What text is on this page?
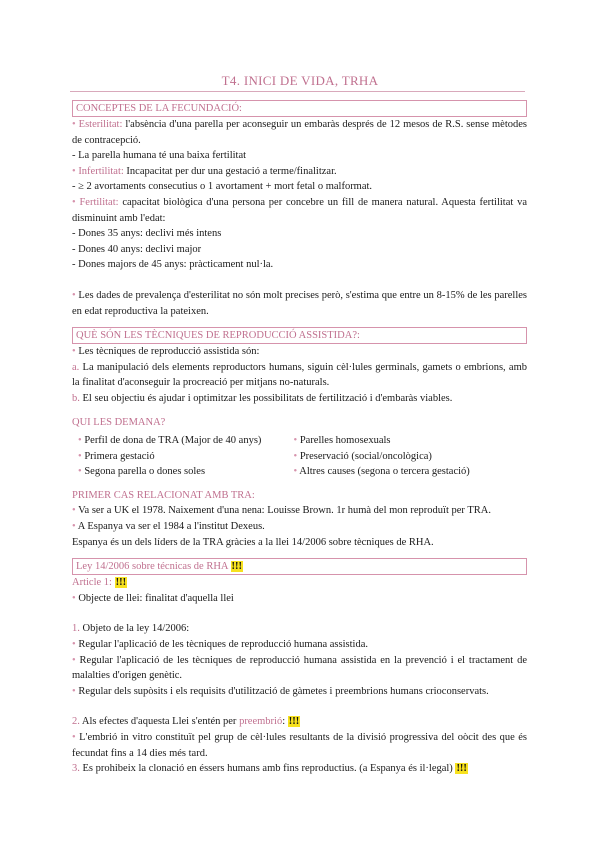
T4. INICI DE VIDA, TRHA
CONCEPTES DE LA FECUNDACIÓ:
• Esterilitat: l'absència d'una parella per aconseguir un embaràs després de 12 mesos de R.S. sense mètodes de contracepció.
- La parella humana té una baixa fertilitat
• Infertilitat: Incapacitat per dur una gestació a terme/finalitzar.
- ≥ 2 avortaments consecutius o 1 avortament + mort fetal o malformat.
• Fertilitat: capacitat biològica d'una persona per concebre un fill de manera natural. Aquesta fertilitat va disminuint amb l'edat:
- Dones 35 anys: declivi més intens
- Dones 40 anys: declivi major
- Dones majors de 45 anys: pràcticament nul·la.
• Les dades de prevalença d'esterilitat no són molt precises però, s'estima que entre un 8-15% de les parelles en edat reproductiva la pateixen.
QUÈ SÓN LES TÈCNIQUES DE REPRODUCCIÓ ASSISTIDA?:
• Les tècniques de reproducció assistida són:
a. La manipulació dels elements reproductors humans, siguin cèl·lules germinals, gamets o embrions, amb la finalitat d'aconseguir la procreació per mitjans no-naturals.
b. El seu objectiu és ajudar i optimitzar les possibilitats de fertilització i d'embaràs viables.
QUI LES DEMANA?
• Perfil de dona de TRA (Major de 40 anys)
• Primera gestació
• Segona parella o dones soles
• Parelles homosexuals
• Preservació (social/oncològica)
• Altres causes (segona o tercera gestació)
PRIMER CAS RELACIONAT AMB TRA:
• Va ser a UK el 1978. Naixement d'una nena: Louisse Brown. 1r humà del mon reproduït per TRA.
• A Espanya va ser el 1984 a l'institut Dexeus.
Espanya és un dels líders de la TRA gràcies a la llei 14/2006 sobre tècniques de RHA.
Ley 14/2006 sobre técnicas de RHA !!!
Article 1: !!!
• Objecte de llei: finalitat d'aquella llei
1. Objeto de la ley 14/2006:
• Regular l'aplicació de les tècniques de reproducció humana assistida.
• Regular l'aplicació de les tècniques de reproducció humana assistida en la prevenció i el tractament de malalties d'origen genètic.
• Regular dels supòsits i els requisits d'utilització de gàmetes i preembrions humans crioconservats.
2. Als efectes d'aquesta Llei s'entén per preembrió: !!!
• L'embrió in vitro constituït pel grup de cèl·lules resultants de la divisió progressiva del oòcit des que és fecundat fins a 14 dies més tard.
3. Es prohibeix la clonació en éssers humans amb fins reproductius. (a Espanya és il·legal) !!!
